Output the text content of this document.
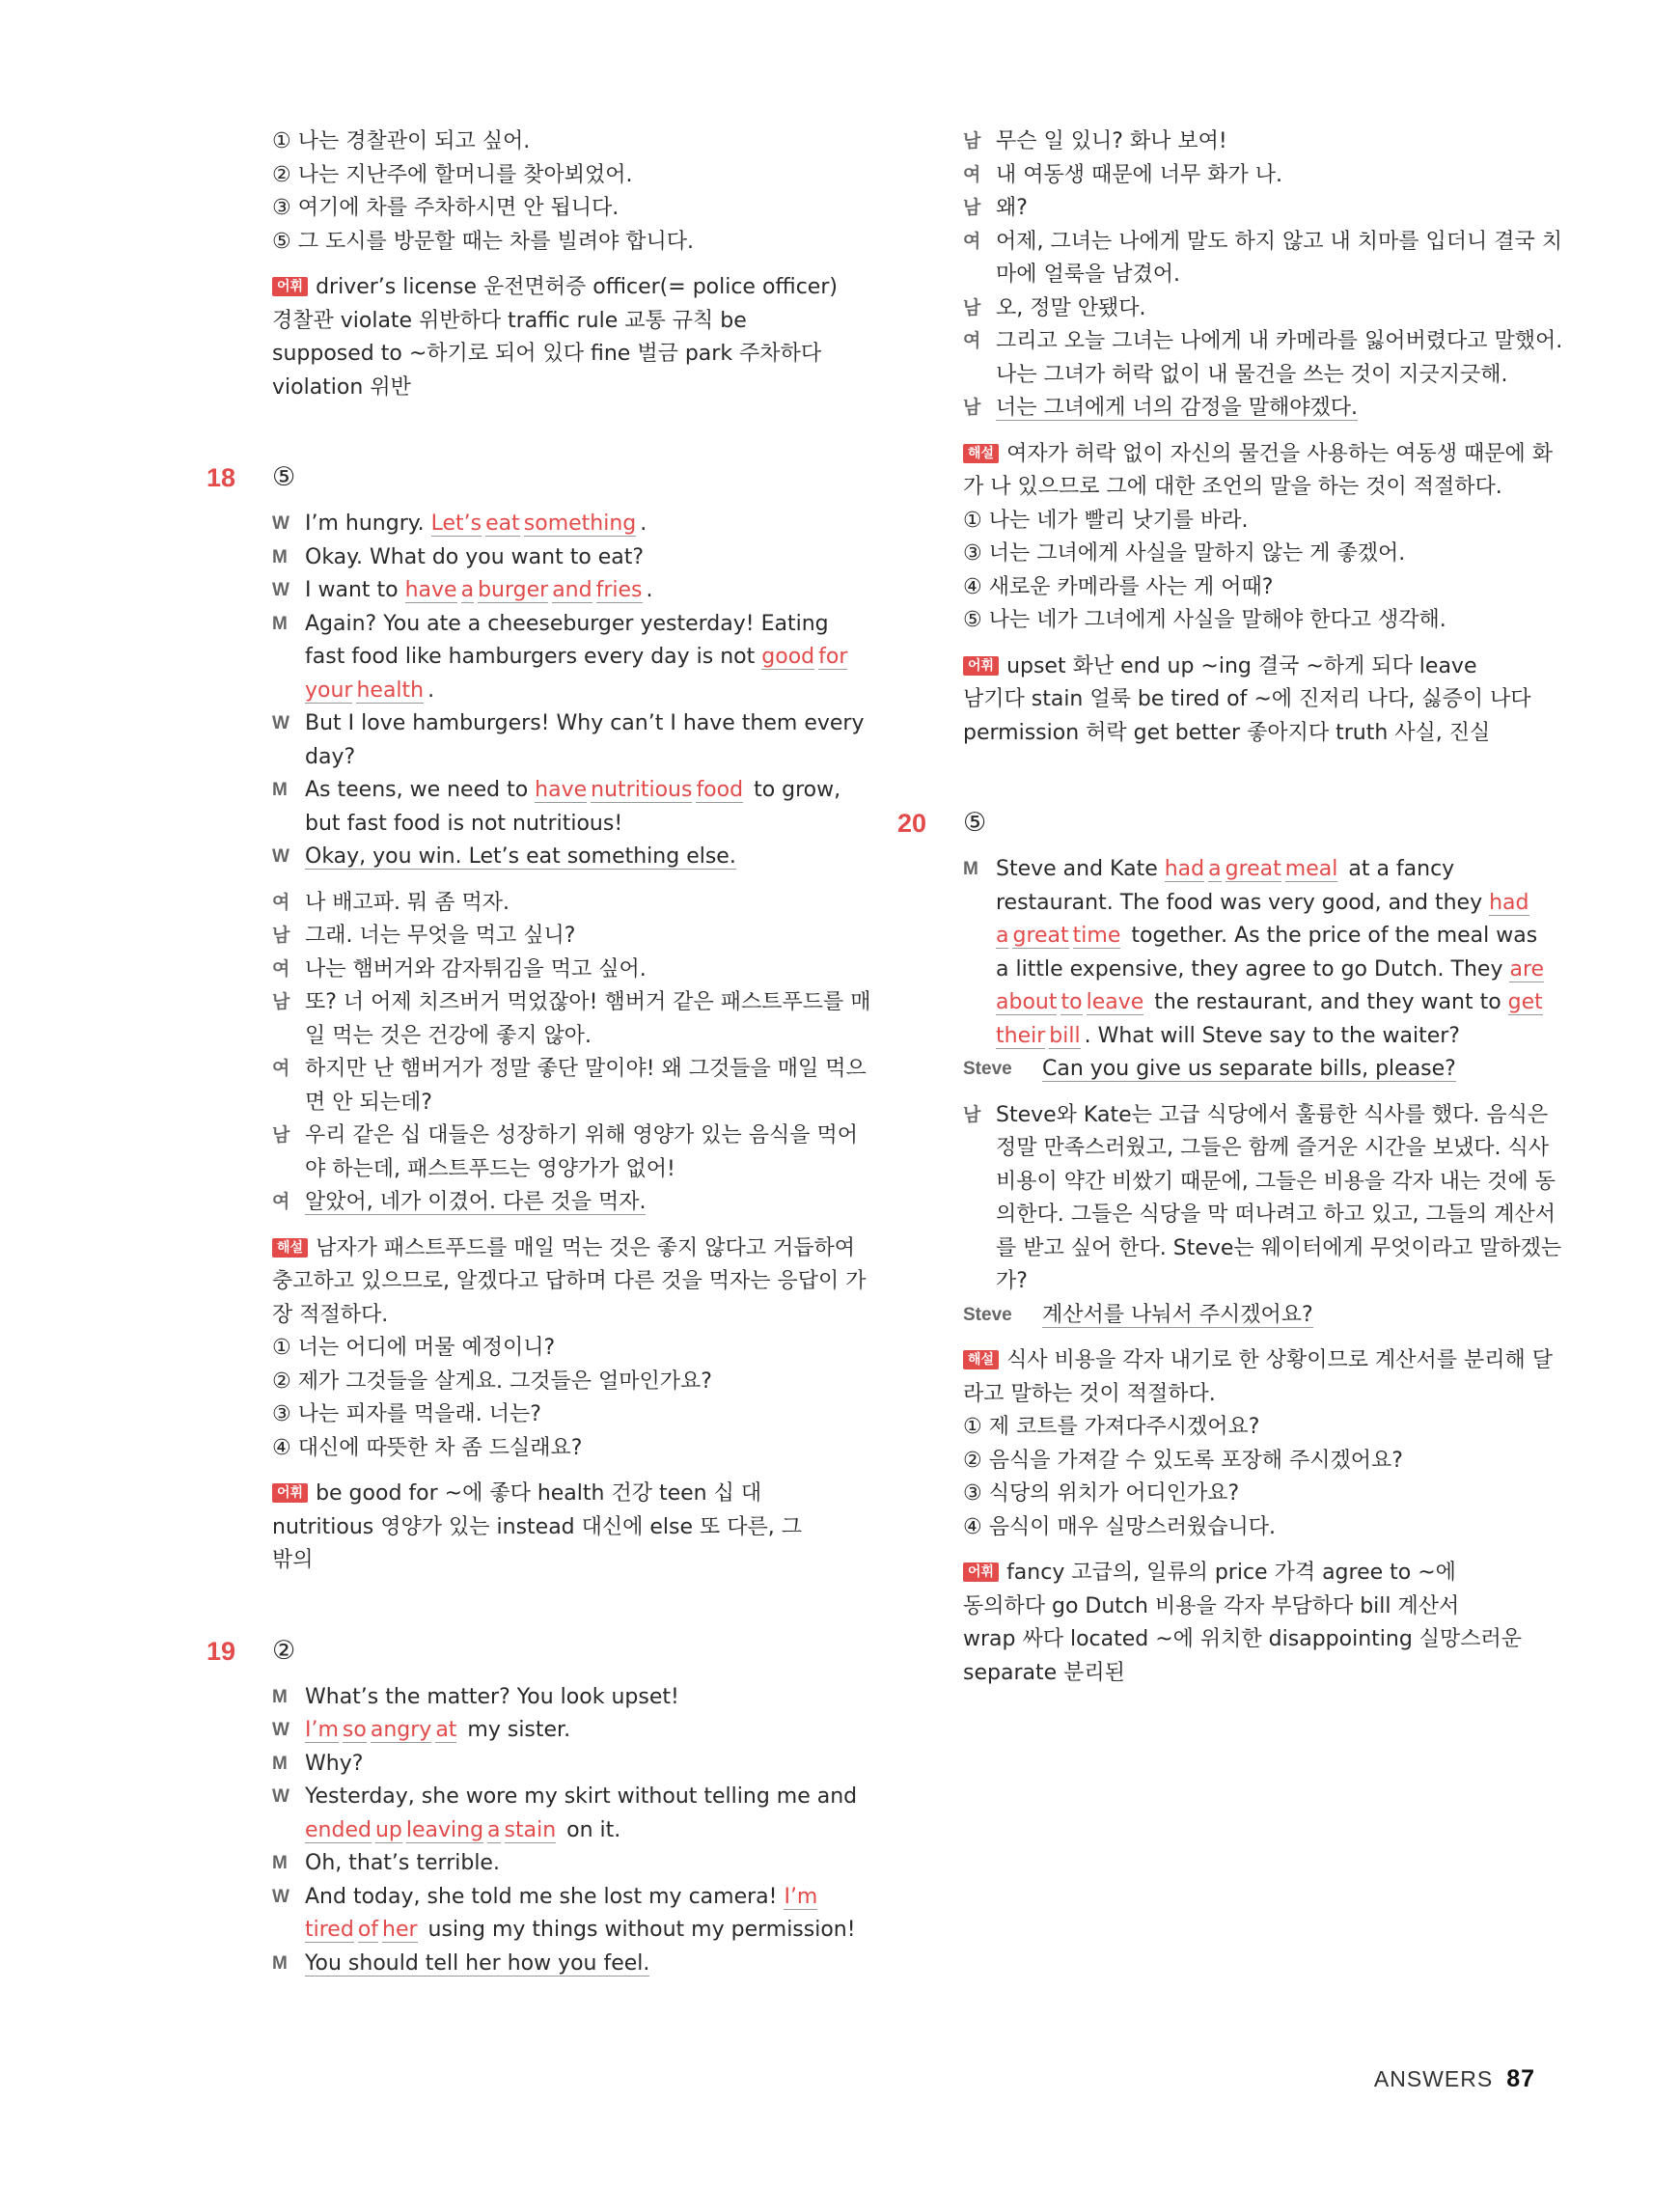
① 나는 경찰관이 되고 싶어.
② 나는 지난주에 할머니를 찾아뵈었어.
③ 여기에 차를 주차하시면 안 됩니다.
⑤ 그 도시를 방문할 때는 차를 빌려야 합니다.
어휘 driver’s license 운전면허증 officer(= police officer)
경찰관 violate 위반하다 traffic rule 교통 규칙 be
supposed to ~하기로 되어 있다 fine 벌금 park 주차하다
violation 위반
18 ⑤
W I’m hungry. Let’s eat something .
M Okay. What do you want to eat?
W I want to have a burger and fries .
M Again? You ate a cheeseburger yesterday! Eating
fast food like hamburgers every day is not good for
your health .
W But I love hamburgers! Why can’t I have them every
day?
M As teens, we need to have nutritious food to grow,
but fast food is not nutritious!
W Okay, you win. Let’s eat something else.
여 나 배고파. 뭐 좀 먹자.
남 그래. 너는 무엇을 먹고 싶니?
여 나는 햄버거와 감자튀김을 먹고 싶어.
남 또? 너 어제 치즈버거 먹었잖아! 햄버거 같은 패스트푸드를 매
일 먹는 것은 건강에 좋지 않아.
여 하지만 난 햄버거가 정말 좋단 말이야! 왜 그것들을 매일 먹으
면 안 되는데?
남 우리 같은 십 대들은 성장하기 위해 영양가 있는 음식을 먹어
야 하는데, 패스트푸드는 영양가가 없어!
여 알았어, 네가 이겼어. 다른 것을 먹자.
해설 남자가 패스트푸드를 매일 먹는 것은 좋지 않다고 거듭하여
충고하고 있으므로, 알겠다고 답하며 다른 것을 먹자는 응답이 가
장 적절하다.
① 너는 어디에 머물 예정이니?
② 제가 그것들을 살게요. 그것들은 얼마인가요?
③ 나는 피자를 먹을래. 너는?
④ 대신에 따뜻한 차 좀 드실래요?
어휘 be good for ~에 좋다 health 건강 teen 십 대
nutritious 영양가 있는 instead 대신에 else 또 다른, 그
밖의
19 ②
M What’s the matter? You look upset!
W I’m so angry at my sister.
M Why?
W Yesterday, she wore my skirt without telling me and
ended up leaving a stain on it.
M Oh, that’s terrible.
W And today, she told me she lost my camera! I’m
tired of her using my things without my permission!
M You should tell her how you feel.
남 무슨 일 있니? 화나 보여!
여 내 여동생 때문에 너무 화가 나.
남 왜?
여 어제, 그녀는 나에게 말도 하지 않고 내 치마를 입더니 결국 치
마에 얼룩을 남겼어.
남 오, 정말 안됐다.
여 그리고 오늘 그녀는 나에게 내 카메라를 잃어버렸다고 말했어.
나는 그녀가 허락 없이 내 물건을 쓰는 것이 지긋지긋해.
남 너는 그녀에게 너의 감정을 말해야겠다.
해설 여자가 허락 없이 자신의 물건을 사용하는 여동생 때문에 화
가 나 있으므로 그에 대한 조언의 말을 하는 것이 적절하다.
① 나는 네가 빨리 낫기를 바라.
③ 너는 그녀에게 사실을 말하지 않는 게 좋겠어.
④ 새로운 카메라를 사는 게 어때?
⑤ 나는 네가 그녀에게 사실을 말해야 한다고 생각해.
어휘 upset 화난 end up ~ing 결국 ~하게 되다 leave
남기다 stain 얼룩 be tired of ~에 진저리 나다, 싫증이 나다
permission 허락 get better 좋아지다 truth 사실, 진실
20 ⑤
M Steve and Kate had a great meal at a fancy
restaurant. The food was very good, and they had
a great time together. As the price of the meal was
a little expensive, they agree to go Dutch. They are
about to leave the restaurant, and they want to get
their bill . What will Steve say to the waiter?
Steve	Can you give us separate bills, please?
남 Steve와 Kate는 고급 식당에서 훌륭한 식사를 했다. 음식은
정말 만족스러웠고, 그들은 함께 즐거운 시간을 보냈다. 식사
비용이 약간 비쌌기 때문에, 그들은 비용을 각자 내는 것에 동
의한다. 그들은 식당을 막 떠나려고 하고 있고, 그들의 계산서
를 받고 싶어 한다. Steve는 웨이터에게 무엇이라고 말하겠는
가?
Steve	계산서를 나눠서 주시겠어요?
해설 식사 비용을 각자 내기로 한 상황이므로 계산서를 분리해 달
라고 말하는 것이 적절하다.
① 제 코트를 가져다주시겠어요?
② 음식을 가져갈 수 있도록 포장해 주시겠어요?
③ 식당의 위치가 어디인가요?
④ 음식이 매우 실망스러웠습니다.
어휘 fancy 고급의, 일류의 price 가격 agree to ~에
동의하다 go Dutch 비용을 각자 부담하다 bill 계산서
wrap 싸다 located ~에 위치한 disappointing 실망스러운
separate 분리된
ANSWERS 87
